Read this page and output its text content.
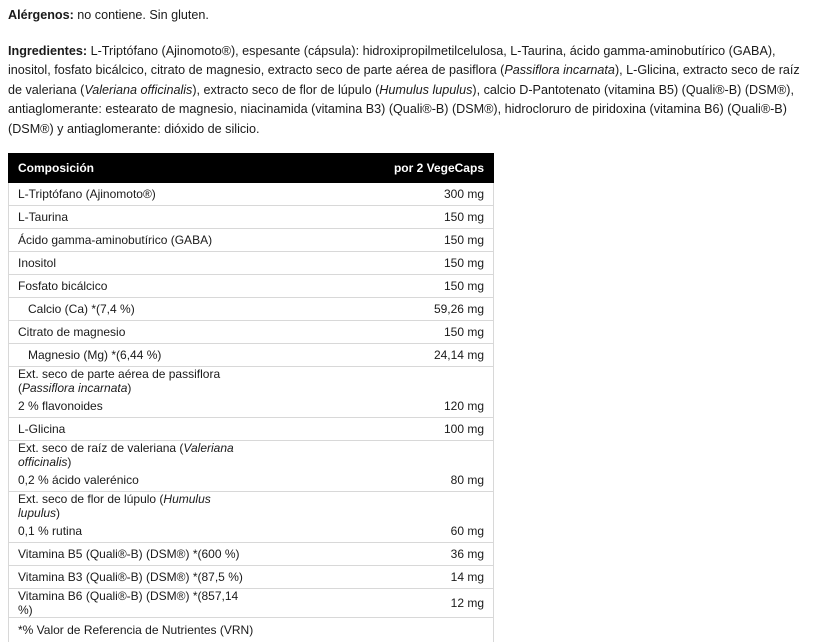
Alérgenos: no contiene. Sin gluten.

Ingredientes: L-Triptófano (Ajinomoto®), espesante (cápsula): hidroxipropilmetilcelulosa, L-Taurina, ácido gamma-aminobutírico (GABA), inositol, fosfato bicálcico, citrato de magnesio, extracto seco de parte aérea de pasiflora (Passiflora incarnata), L-Glicina, extracto seco de raíz de valeriana (Valeriana officinalis), extracto seco de flor de lúpulo (Humulus lupulus), calcio D-Pantotenato (vitamina B5) (Quali®-B) (DSM®), antiaglomerante: estearato de magnesio, niacinamida (vitamina B3) (Quali®-B) (DSM®), hidrocloruro de piridoxina (vitamina B6) (Quali®-B) (DSM®) y antiaglomerante: dióxido de silicio.

Composición	por 2 VegeCaps
L-Triptófano (Ajinomoto®)	300 mg
L-Taurina	150 mg
Ácido gamma-aminobutírico (GABA)	150 mg
Inositol	150 mg
Fosfato bicálcico	150 mg
Calcio (Ca) *(7,4 %)	59,26 mg
Citrato de magnesio	150 mg
Magnesio (Mg) *(6,44 %)	24,14 mg
Ext. seco de parte aérea de passiflora (Passiflora incarnata)	
2 % flavonoides	120 mg
L-Glicina	100 mg
Ext. seco de raíz de valeriana (Valeriana officinalis)	
0,2 % ácido valerénico	80 mg
Ext. seco de flor de lúpulo (Humulus lupulus)	
0,1 % rutina	60 mg
Vitamina B5 (Quali®-B) (DSM®) *(600 %)	36 mg
Vitamina B3 (Quali®-B) (DSM®) *(87,5 %)	14 mg
Vitamina B6 (Quali®-B) (DSM®) *(857,14 %)	12 mg
*% Valor de Referencia de Nutrientes (VRN)	
